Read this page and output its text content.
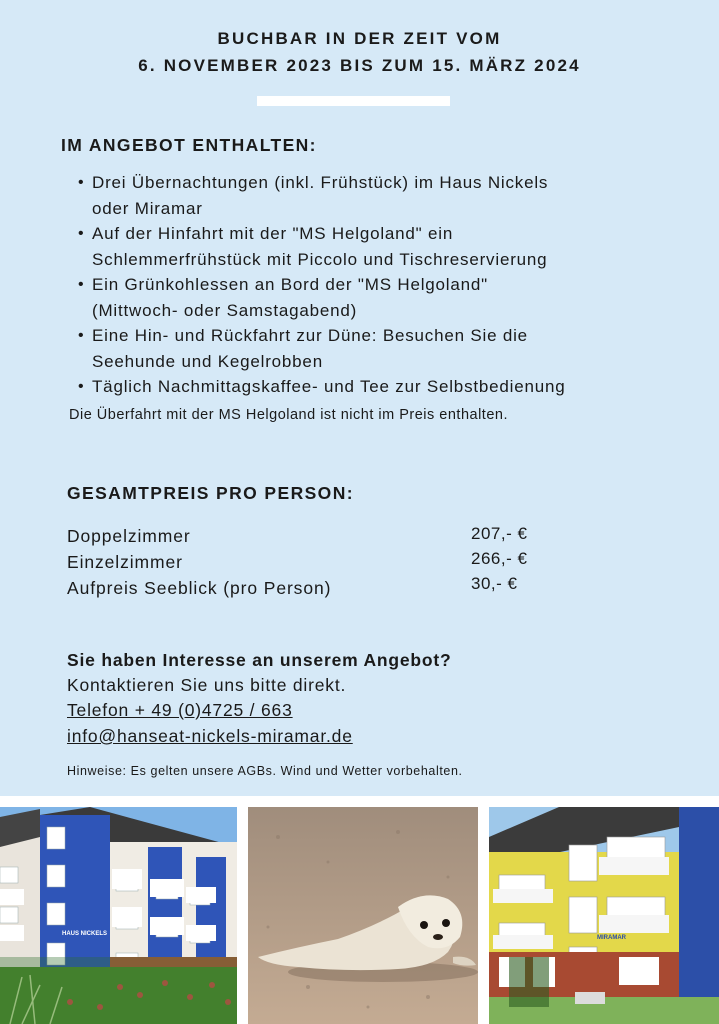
BUCHBAR IN DER ZEIT VOM
6. NOVEMBER 2023 BIS ZUM 15. MÄRZ 2024
IM ANGEBOT ENTHALTEN:
• Drei Übernachtungen (inkl. Frühstück) im Haus Nickels
oder Miramar
• Auf der Hinfahrt mit der "MS Helgoland" ein
Schlemmerfrühstück mit Piccolo und Tischreservierung
• Ein Grünkohlessen an Bord der "MS Helgoland"
(Mittwoch- oder Samstagabend)
• Eine Hin- und Rückfahrt zur Düne: Besuchen Sie die
Seehunde und Kegelrobben
• Täglich Nachmittagskaffee- und Tee zur Selbstbedienung
Die Überfahrt mit der MS Helgoland ist nicht im Preis enthalten.
GESAMTPREIS PRO PERSON:
Doppelzimmer	207,- €
Einzelzimmer	266,- €
Aufpreis Seeblick (pro Person)	30,- €
Sie haben Interesse an unserem Angebot?
Kontaktieren Sie uns bitte direkt.
Telefon + 49 (0)4725 / 663
info@hanseat-nickels-miramar.de
Hinweise: Es gelten unsere AGBs. Wind und Wetter vorbehalten.
HAUS NICKELS
MIRAMAR
